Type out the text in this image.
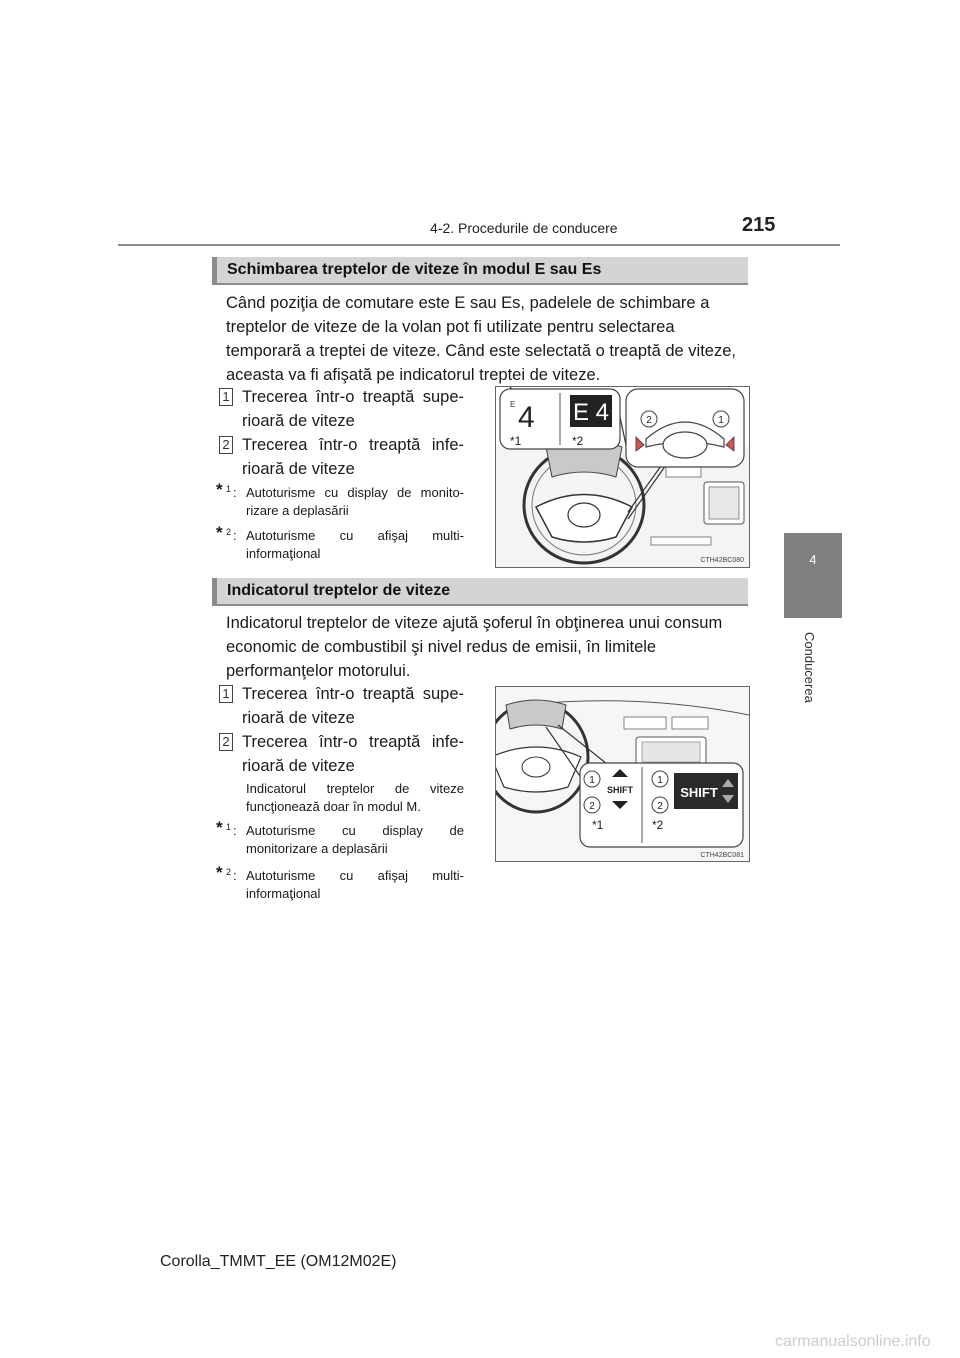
4-2. Procedurile de conducere	215
4
Conducerea
Schimbarea treptelor de viteze în modul E sau Es
Când poziţia de comutare este E sau Es, padelele de schimbare a
treptelor de viteze de la volan pot fi utilizate pentru selectarea
temporară a treptei de viteze. Când este selectată o treaptă de viteze,
aceasta va fi afişată pe indicatorul treptei de viteze.
1 Trecerea într-o treaptă supe-
rioară de viteze
2 Trecerea într-o treaptă infe-
rioară de viteze
* 1 : Autoturisme cu display de monito-
rizare a deplasării
* 2 : Autoturisme cu afişaj multi-
informaţional
E 4 E 4
*1	*2
2	1
CTH42BC080
Indicatorul treptelor de viteze
Indicatorul treptelor de viteze ajută şoferul în obţinerea unui consum
economic de combustibil şi nivel redus de emisii, în limitele
performanţelor motorului.
1 Trecerea într-o treaptă supe-
rioară de viteze
2 Trecerea într-o treaptă infe-
rioară de viteze
Indicatorul treptelor de viteze
funcţionează doar în modul M.
* 1 : Autoturisme cu display de
monitorizare a deplasării
* 2 : Autoturisme cu afişaj multi-
informaţional
1
2
SHIFT
*1
1
2
SHIFT
*2
CTH42BC081
Corolla_TMMT_EE (OM12M02E)
carmanualsonline.info
